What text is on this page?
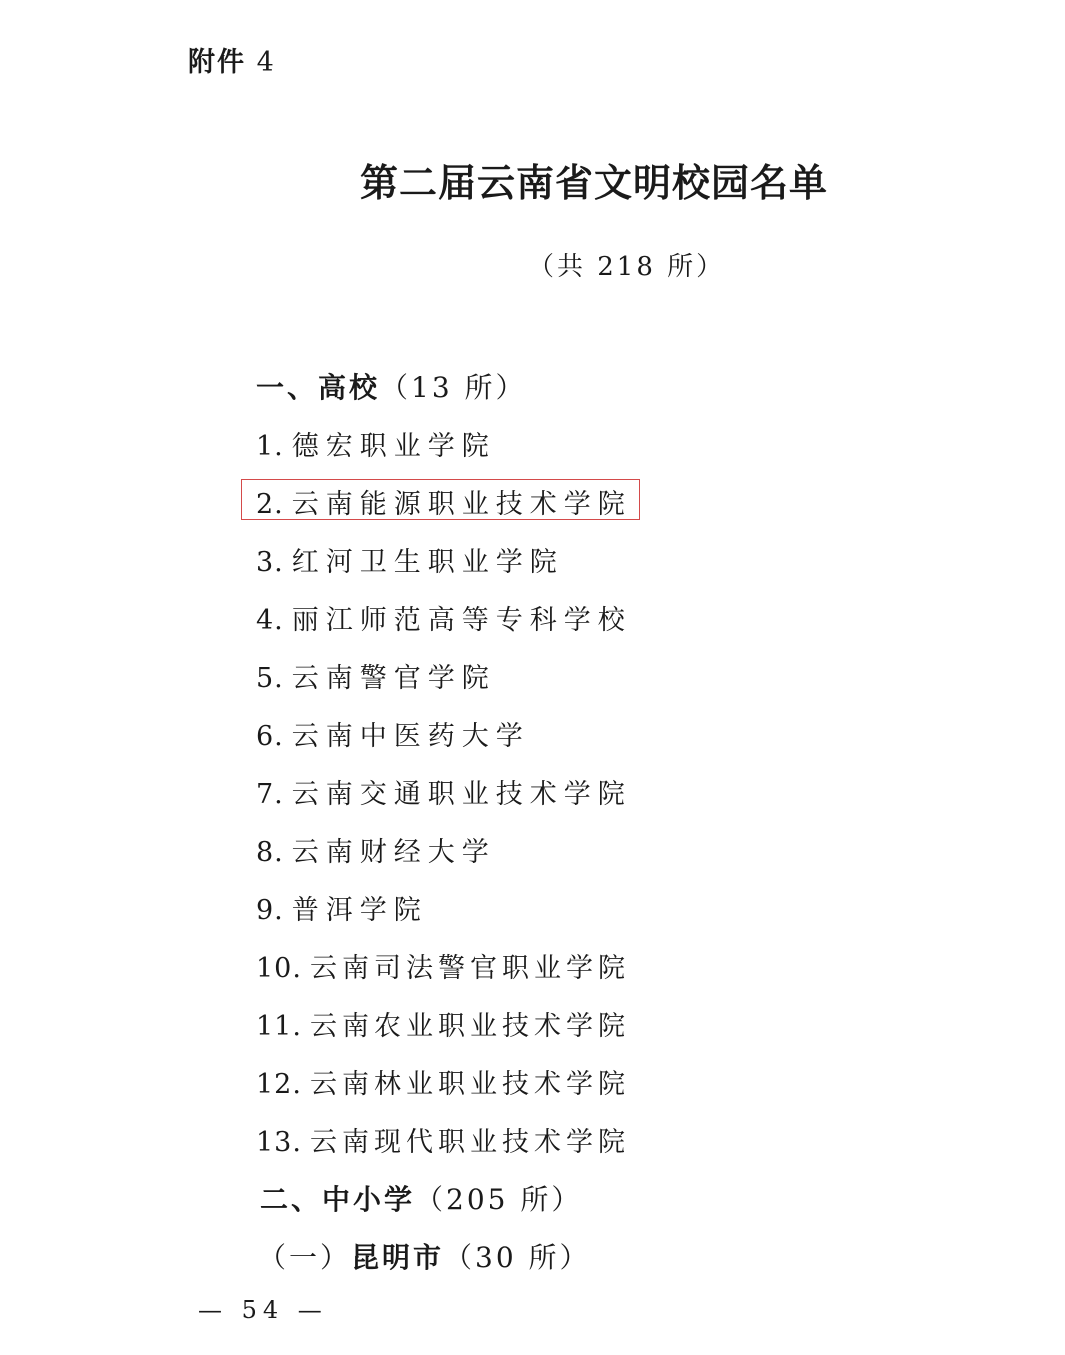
附件 4
第二届云南省文明校园名单
（共 218 所）
一、高校（13 所）
1. 德宏职业学院
2. 云南能源职业技术学院
3. 红河卫生职业学院
4. 丽江师范高等专科学校
5. 云南警官学院
6. 云南中医药大学
7. 云南交通职业技术学院
8. 云南财经大学
9. 普洱学院
10. 云南司法警官职业学院
11. 云南农业职业技术学院
12. 云南林业职业技术学院
13. 云南现代职业技术学院
二、中小学（205 所）
（一）昆明市（30 所）
— 54 —
